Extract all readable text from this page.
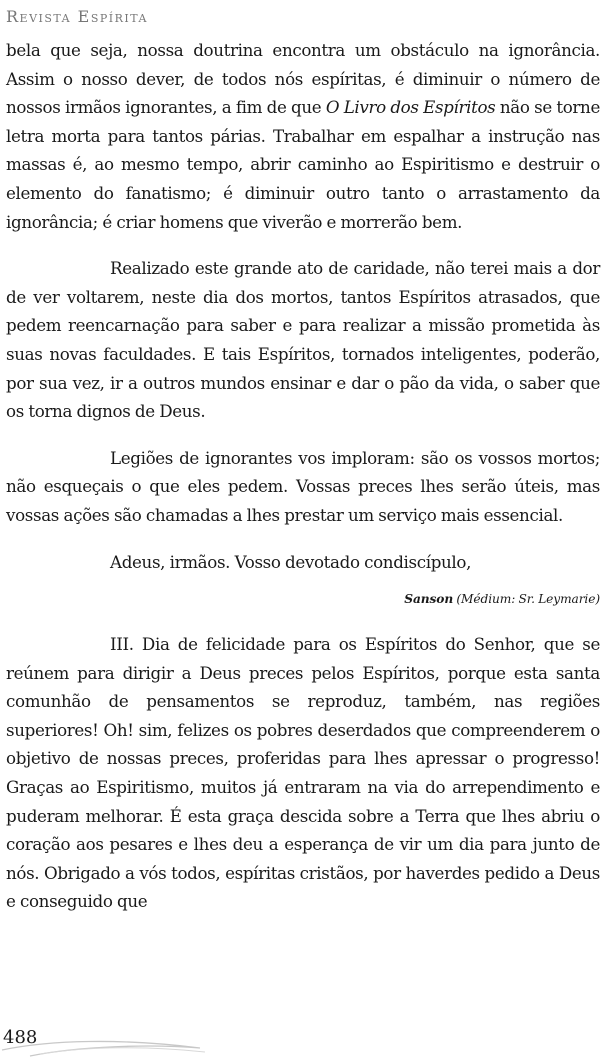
Revista Espírita

bela que seja, nossa doutrina encontra um obstáculo na ignorância. Assim o nosso dever, de todos nós espíritas, é diminuir o número de nossos irmãos ignorantes, a fim de que O Livro dos Espíritos não se torne letra morta para tantos párias. Trabalhar em espalhar a instrução nas massas é, ao mesmo tempo, abrir caminho ao Espiritismo e destruir o elemento do fanatismo; é diminuir outro tanto o arrastamento da ignorância; é criar homens que viverão e morrerão bem.

Realizado este grande ato de caridade, não terei mais a dor de ver voltarem, neste dia dos mortos, tantos Espíritos atrasados, que pedem reencarnação para saber e para realizar a missão prometida às suas novas faculdades. E tais Espíritos, tornados inteligentes, poderão, por sua vez, ir a outros mundos ensinar e dar o pão da vida, o saber que os torna dignos de Deus.

Legiões de ignorantes vos imploram: são os vossos mortos; não esqueçais o que eles pedem. Vossas preces lhes serão úteis, mas vossas ações são chamadas a lhes prestar um serviço mais essencial.

Adeus, irmãos. Vosso devotado condiscípulo,

Sanson (Médium: Sr. Leymarie)

III. Dia de felicidade para os Espíritos do Senhor, que se reúnem para dirigir a Deus preces pelos Espíritos, porque esta santa comunhão de pensamentos se reproduz, também, nas regiões superiores! Oh! sim, felizes os pobres deserdados que compreenderem o objetivo de nossas preces, proferidas para lhes apressar o progresso! Graças ao Espiritismo, muitos já entraram na via do arrependimento e puderam melhorar. É esta graça descida sobre a Terra que lhes abriu o coração aos pesares e lhes deu a esperança de vir um dia para junto de nós. Obrigado a vós todos, espíritas cristãos, por haverdes pedido a Deus e conseguido que

488
